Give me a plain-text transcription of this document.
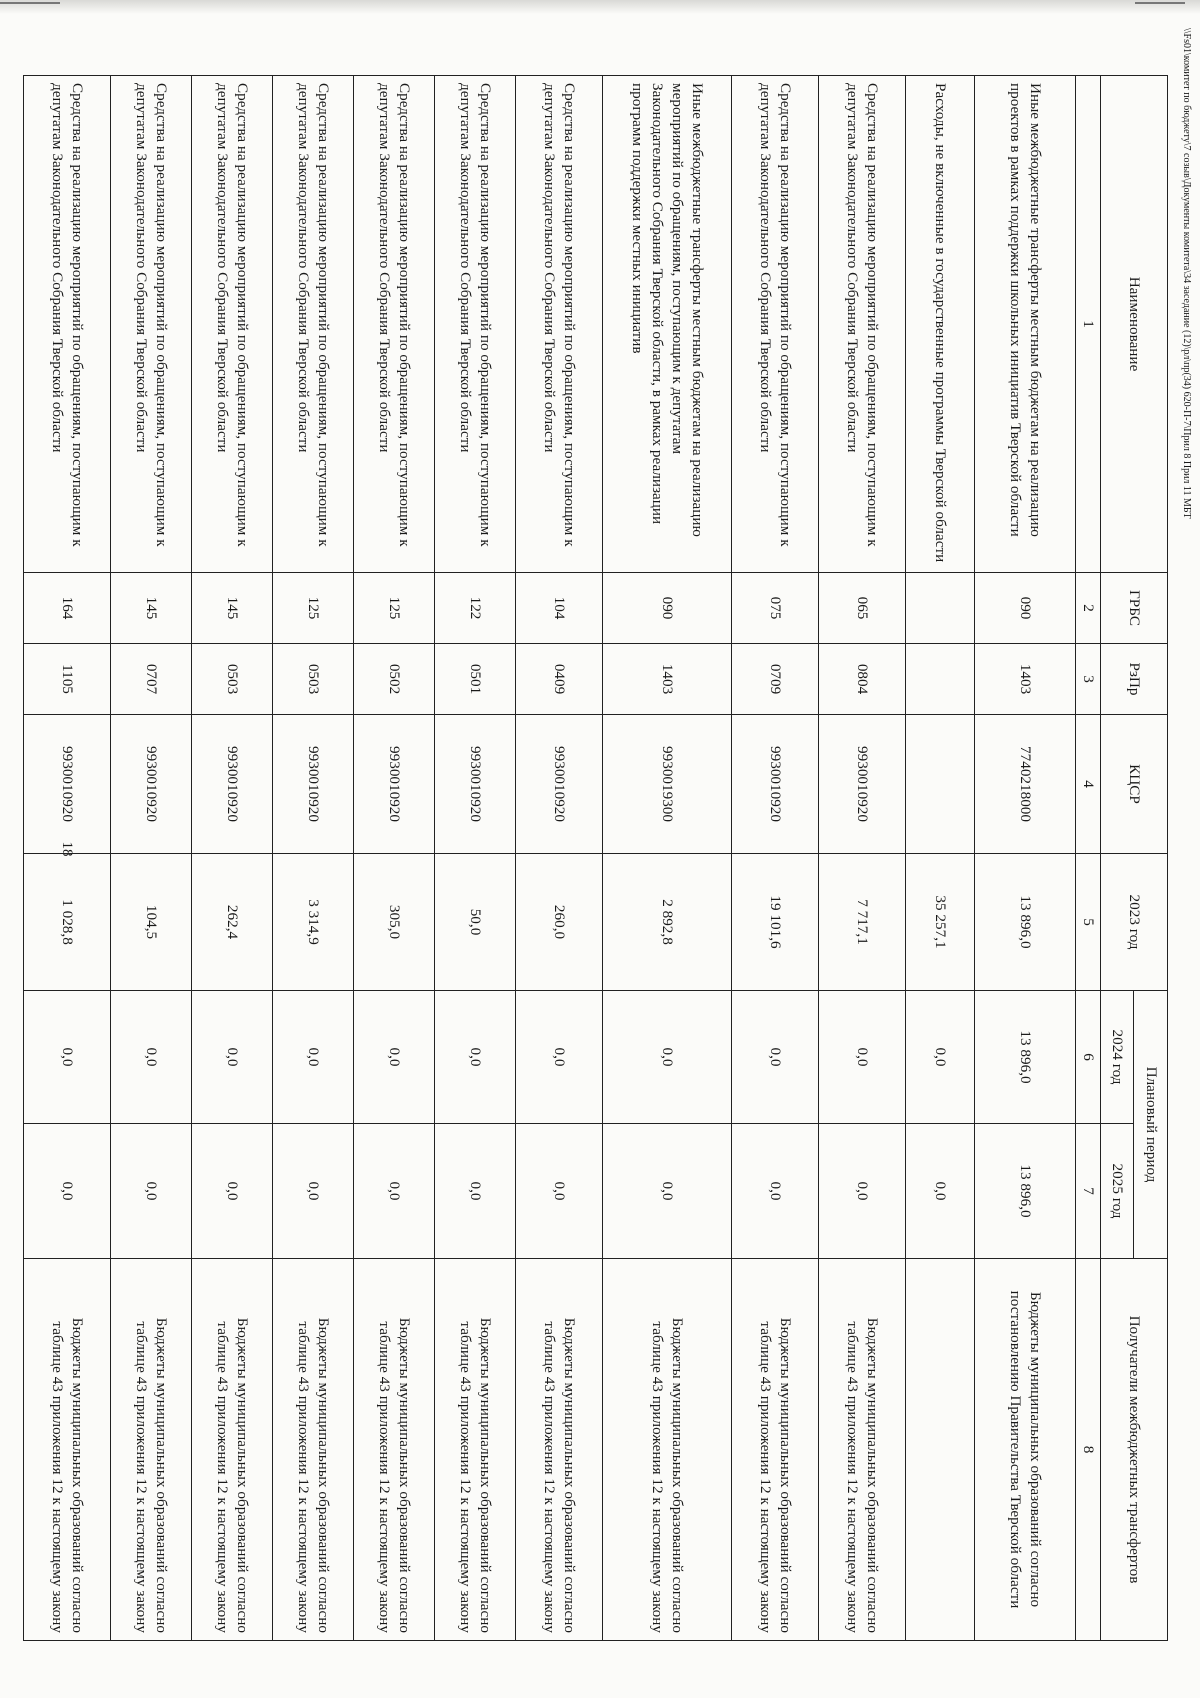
\\Fs01\комитет по бюджету\7 созыв\Документы комитета\34 заседание (12)\рл\пр(34) 620-П-7\Прил 8 Прил 11 МБТ
18
Наименование	ГРБС	РзПр	КЦСР	2023 год	Плановый период		Получатели межбюджетных трансфертов
					2024 год	2025 год	
1	2	3	4	5	6	7	8
Иные межбюджетные трансферты местным бюджетам на реализацию проектов в рамках поддержки школьных инициатив Тверской области	090	1403	7740218000	13 896,0	13 896,0	13 896,0	Бюджеты муниципальных образований согласно постановлению Правительства Тверской области
Расходы, не включенные в государственные программы Тверской области				35 257,1	0,0	0,0	
Средства на реализацию мероприятий по обращениям, поступающим к депутатам Законодательного Собрания Тверской области	065	0804	9930010920	7 717,1	0,0	0,0	Бюджеты муниципальных образований согласно таблице 43 приложения 12 к настоящему закону
Средства на реализацию мероприятий по обращениям, поступающим к депутатам Законодательного Собрания Тверской области	075	0709	9930010920	19 101,6	0,0	0,0	Бюджеты муниципальных образований согласно таблице 43 приложения 12 к настоящему закону
Иные межбюджетные трансферты местным бюджетам на реализацию мероприятий по обращениям, поступающим к депутатам Законодательного Собрания Тверской области, в рамках реализации программ поддержки местных инициатив	090	1403	9930019300	2 892,8	0,0	0,0	Бюджеты муниципальных образований согласно таблице 43 приложения 12 к настоящему закону
Средства на реализацию мероприятий по обращениям, поступающим к депутатам Законодательного Собрания Тверской области	104	0409	9930010920	260,0	0,0	0,0	Бюджеты муниципальных образований согласно таблице 43 приложения 12 к настоящему закону
Средства на реализацию мероприятий по обращениям, поступающим к депутатам Законодательного Собрания Тверской области	122	0501	9930010920	50,0	0,0	0,0	Бюджеты муниципальных образований согласно таблице 43 приложения 12 к настоящему закону
Средства на реализацию мероприятий по обращениям, поступающим к депутатам Законодательного Собрания Тверской области	125	0502	9930010920	305,0	0,0	0,0	Бюджеты муниципальных образований согласно таблице 43 приложения 12 к настоящему закону
Средства на реализацию мероприятий по обращениям, поступающим к депутатам Законодательного Собрания Тверской области	125	0503	9930010920	3 314,9	0,0	0,0	Бюджеты муниципальных образований согласно таблице 43 приложения 12 к настоящему закону
Средства на реализацию мероприятий по обращениям, поступающим к депутатам Законодательного Собрания Тверской области	145	0503	9930010920	262,4	0,0	0,0	Бюджеты муниципальных образований согласно таблице 43 приложения 12 к настоящему закону
Средства на реализацию мероприятий по обращениям, поступающим к депутатам Законодательного Собрания Тверской области	145	0707	9930010920	104,5	0,0	0,0	Бюджеты муниципальных образований согласно таблице 43 приложения 12 к настоящему закону
Средства на реализацию мероприятий по обращениям, поступающим к депутатам Законодательного Собрания Тверской области	164	1105	9930010920	1 028,8	0,0	0,0	Бюджеты муниципальных образований согласно таблице 43 приложения 12 к настоящему закону
